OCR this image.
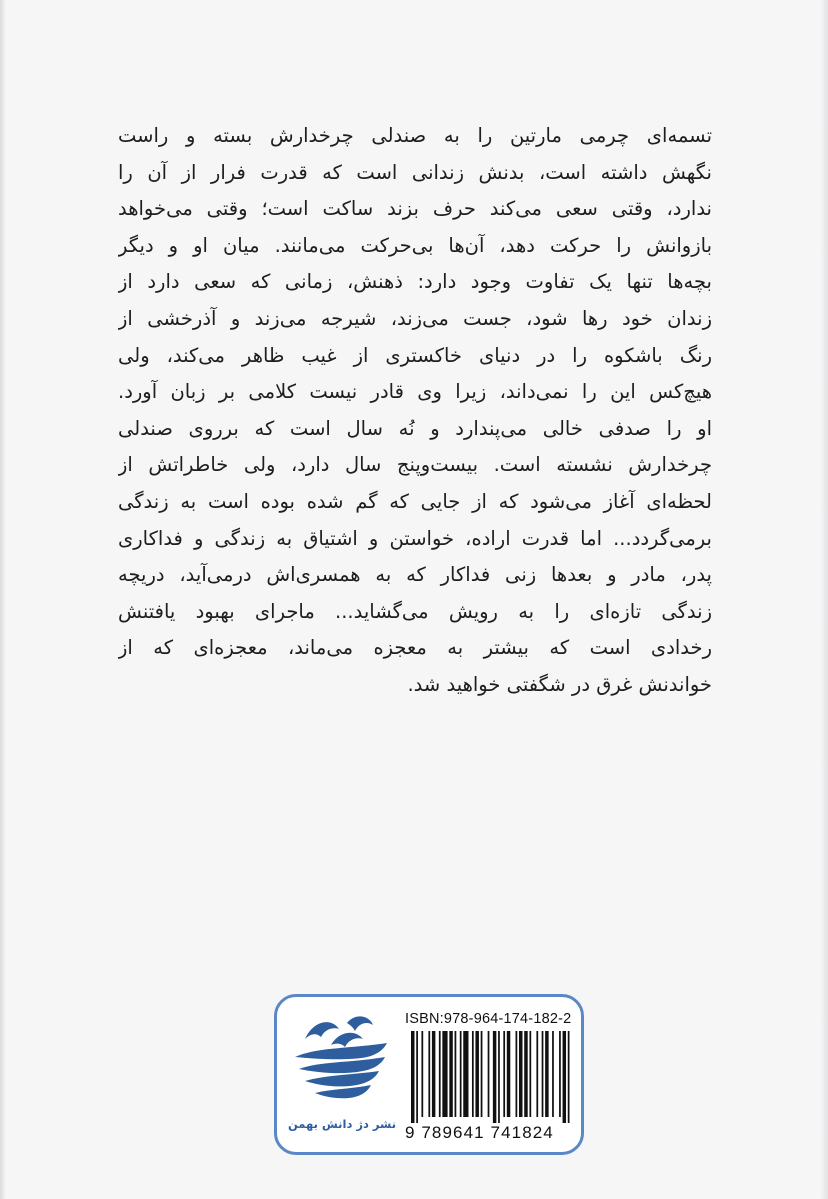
تسمه‌ای چرمی مارتین را به صندلی چرخدارش بسته و راست
نگهش داشته است، بدنش زندانی است که قدرت فرار از آن را
ندارد، وقتی سعی می‌کند حرف بزند ساکت است؛ وقتی می‌خواهد
بازوانش را حرکت دهد، آن‌ها بی‌حرکت می‌مانند. میان او و دیگر
بچه‌ها تنها یک تفاوت وجود دارد: ذهنش، زمانی که سعی دارد از
زندان خود رها شود، جست می‌زند، شیرجه می‌زند و آذرخشی از
رنگ باشکوه را در دنیای خاکستری از غیب ظاهر می‌کند، ولی
هیچ‌کس این را نمی‌داند، زیرا وی قادر نیست کلامی بر زبان آورد.
او را صدفی خالی می‌پندارد و نُه سال است که برروی صندلی
چرخدارش نشسته است. بیست‌وپنج سال دارد، ولی خاطراتش از
لحظه‌ای آغاز می‌شود که از جایی که گم شده بوده است به زندگی
برمی‌گردد... اما قدرت اراده، خواستن و اشتیاق به زندگی و فداکاری
پدر، مادر و بعدها زنی فداکار که به همسری‌اش درمی‌آید، دریچه
زندگی تازه‌ای را به رویش می‌گشاید... ماجرای بهبود یافتنش
رخدادی است که بیشتر به معجزه می‌ماند، معجزه‌ای که از
خواندنش غرق در شگفتی خواهید شد.
نشر دژ دانش بهمن
ISBN:978-964-174-182-2
9 789641 741824
